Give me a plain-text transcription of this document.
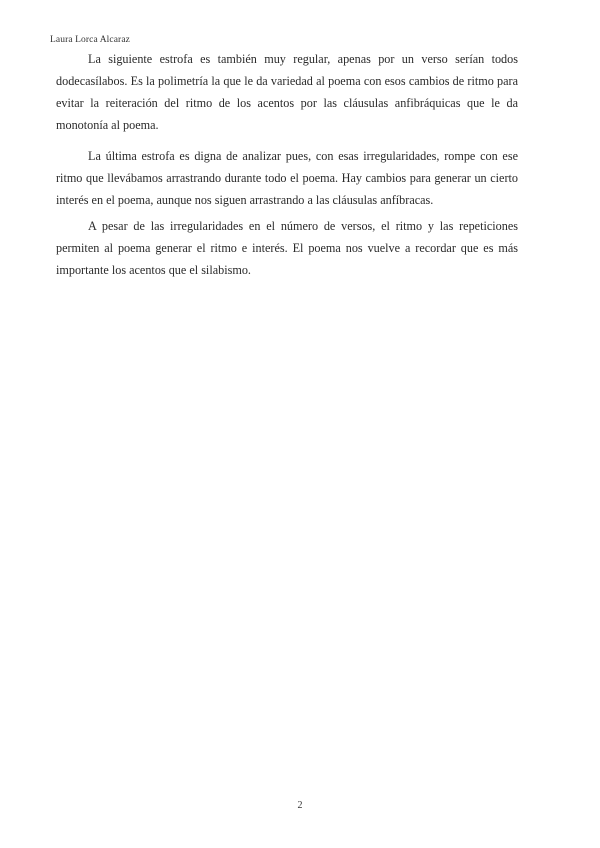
Laura Lorca Alcaraz

La siguiente estrofa es también muy regular, apenas por un verso serían todos dodecasílabos. Es la polimetría la que le da variedad al poema con esos cambios de ritmo para evitar la reiteración del ritmo de los acentos por las cláusulas anfibráquicas que le da monotonía al poema.

La última estrofa es digna de analizar pues, con esas irregularidades, rompe con ese ritmo que llevábamos arrastrando durante todo el poema. Hay cambios para generar un cierto interés en el poema, aunque nos siguen arrastrando a las cláusulas anfíbracas.

A pesar de las irregularidades en el número de versos, el ritmo y las repeticiones permiten al poema generar el ritmo e interés. El poema nos vuelve a recordar que es más importante los acentos que el silabismo.

2
